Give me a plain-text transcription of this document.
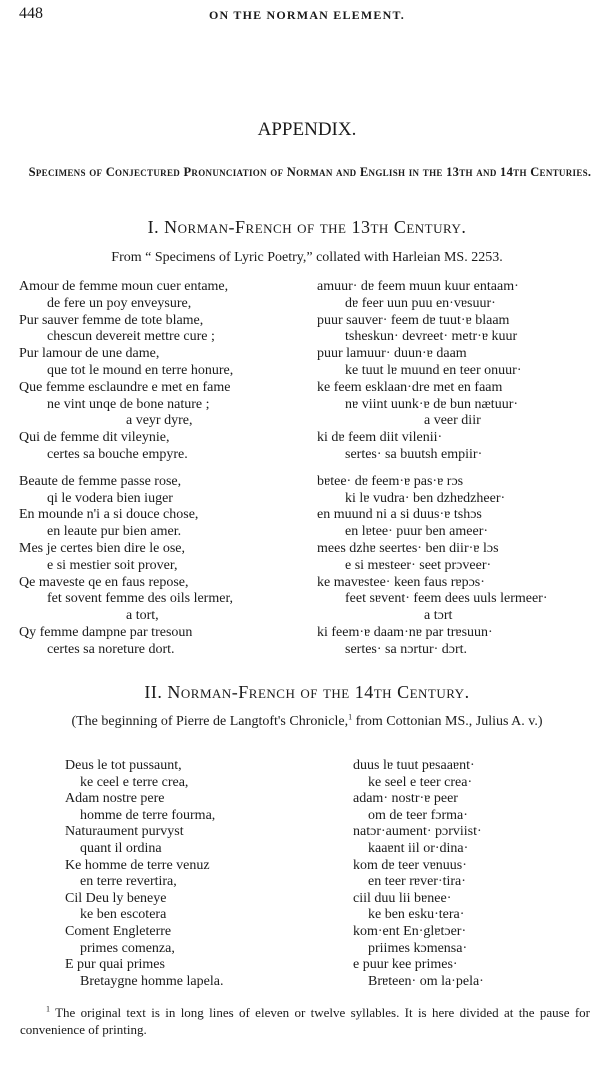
448	ON THE NORMAN ELEMENT.
APPENDIX.
Specimens of Conjectured Pronunciation of Norman and English in the 13th and 14th Centuries.
I. Norman-French of the 13th Century.
From “ Specimens of Lyric Poetry,” collated with Harleian MS. 2253.
Amour de femme moun cuer entame,
de fere un poy enveysure,
Pur sauver femme de tote blame,
chescun devereit mettre cure ;
Pur lamour de une dame,
que tot le mound en terre honure,
Que femme esclaundre e met en fame
ne vint unqe de bone nature ;
a veyr dyre,
Qui de femme dit vileynie,
certes sa bouche empyre.
Beaute de femme passe rose,
qi le vodera bien iuger
En mounde n'i a si douce chose,
en leaute pur bien amer.
Mes je certes bien dire le ose,
e si mestier soit prover,
Qe maveste qe en faus repose,
fet sovent femme des oils lermer,
a tort,
Qy femme dampne par tresoun
certes sa noreture dort.
amuur· dɐ feem muun kuur entaam·
dɐ feer uun puu en·vɐsuur·
puur sauver· feem dɐ tuut·ɐ blaam
tsheskun· devreet· metr·ɐ kuur
puur lamuur· duun·ɐ daam
ke tuut lɐ muund en teer onuur·
ke feem esklaan·dre met en faam
nɐ viint uunk·ɐ dɐ bun nætuur·
a veer diir
ki dɐ feem diit vilenii·
sertes· sa buutsh empiir·
bɐtee· dɐ feem·ɐ pas·ɐ rɔs
ki lɐ vudra· ben dzhɐdzheer·
en muund ni a si duus·ɐ tshɔs
en lɐtee· puur ben ameer·
mees dzhɐ seertes· ben diir·ɐ lɔs
e si mɐsteer· seet prɔveer·
ke mavɐstee· keen faus rɐpɔs·
feet sɐvent· feem dees uuls lermeer·
a tɔrt
ki feem·ɐ daam·nɐ par trɐsuun·
sertes· sa nɔrtur· dɔrt.
II. Norman-French of the 14th Century.
(The beginning of Pierre de Langtoft's Chronicle,$^1$ from Cottonian MS., Julius A. v.)
Deus le tot pussaunt,
ke ceel e terre crea,
Adam nostre pere
homme de terre fourma,
Naturaument purvyst
quant il ordina
Ke homme de terre venuz
en terre revertira,
Cil Deu ly beneye
ke ben escotera
Coment Engleterre
primes comenza,
E pur quai primes
Bretaygne homme lapela.
duus lɐ tuut pɐsaaɐnt·
ke seel e teer crea·
adam· nostr·ɐ peer
om de teer fɔrma·
natɔr·aument· pɔrviist·
kaaɐnt iil or·dina·
kom dɐ teer vɐnuus·
en teer rɐver·tira·
ciil duu lii bɐnee·
ke ben esku·tera·
kom·ent En·glɐtɔer·
priimes kɔmensa·
e puur kee primes·
Brɐteen· om la·pela·
$^1$ The original text is in long lines of eleven or twelve syllables. It is here divided at the pause for convenience of printing.
